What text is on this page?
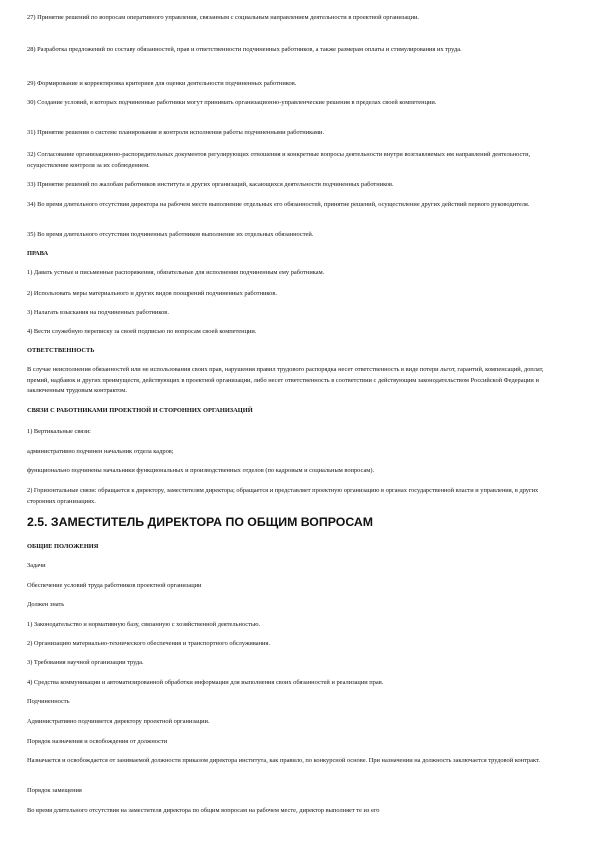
27) Принятие решений по вопросам оперативного управления, связанным с социальным направлением деятельности в проектной организации.
28) Разработка предложений по составу обязанностей, прав и ответственности подчиненных работников, а также размерам оплаты и стимулирования их труда.
29) Формирование и корректировка критериев для оценки деятельности подчиненных работников.
30) Создание условий, в которых подчиненные работники могут принимать организационно-управленческие решения в пределах своей компетенции.
31) Принятие решения о системе планирования и контроля исполнения работы подчиненными работниками.
32) Согласование организационно-распорядительных документов регулирующих отношения и конкретные вопросы деятельности внутри возглавляемых им направлений деятельности, осуществление контроля за их соблюдением.
33) Принятие решений по жалобам работников института и других организаций, касающихся деятельности подчиненных работников.
34) Во время длительного отсутствия директора на рабочем месте выполнение отдельных его обязанностей, принятие решений, осуществление других действий первого руководителя.
35) Во время длительного отсутствия подчиненных работников выполнение их отдельных обязанностей.
ПРАВА
1) Давать устные и письменные распоряжения, обязательные для исполнения подчиненным ему работникам.
2) Использовать меры материального и других видов поощрений подчиненных работников.
3) Налагать взыскания на подчиненных работников.
4) Вести служебную переписку за своей подписью по вопросам своей компетенции.
ОТВЕТСТВЕННОСТЬ
В случае неисполнения обязанностей или не использования своих прав, нарушения правил трудового распорядка несет ответственность в виде потери льгот, гарантий, компенсаций, доплат, премий, надбавок и других преимуществ, действующих в проектной организации, либо несет ответственность в соответствии с действующим законодательством Российской Федерации и заключенным трудовым контрактом.
СВЯЗИ С РАБОТНИКАМИ ПРОЕКТНОЙ И СТОРОННИХ ОРГАНИЗАЦИЙ
1) Вертикальные связи:
административно подчинен начальник отдела кадров;
функционально подчинены начальники функциональных и производственных отделов (по кадровым и социальным вопросам).
2) Горизонтальные связи: обращается к директору, заместителям директора; обращается и представляет проектную организацию в органах государственной власти и управления, в других сторонних организациях.
2.5. ЗАМЕСТИТЕЛЬ ДИРЕКТОРА ПО ОБЩИМ ВОПРОСАМ
ОБЩИЕ ПОЛОЖЕНИЯ
Задачи
Обеспечение условий труда работников проектной организации
Должен знать
1) Законодательство и нормативную базу, связанную с хозяйственной деятельностью.
2) Организацию материально-технического обеспечения и транспортного обслуживания.
3) Требования научной организации труда.
4) Средства коммуникации и автоматизированной обработки информации для выполнения своих обязанностей и реализации прав.
Подчиненность
Административно подчиняется директору проектной организации.
Порядок назначения и освобождения от должности
Назначается и освобождается от занимаемой должности приказом директора института, как правило, по конкурсной основе. При назначении на должность заключается трудовой контракт.
Порядок замещения
Во время длительного отсутствия на заместителя директора по общим вопросам на рабочем месте, директор выполняет те из его
